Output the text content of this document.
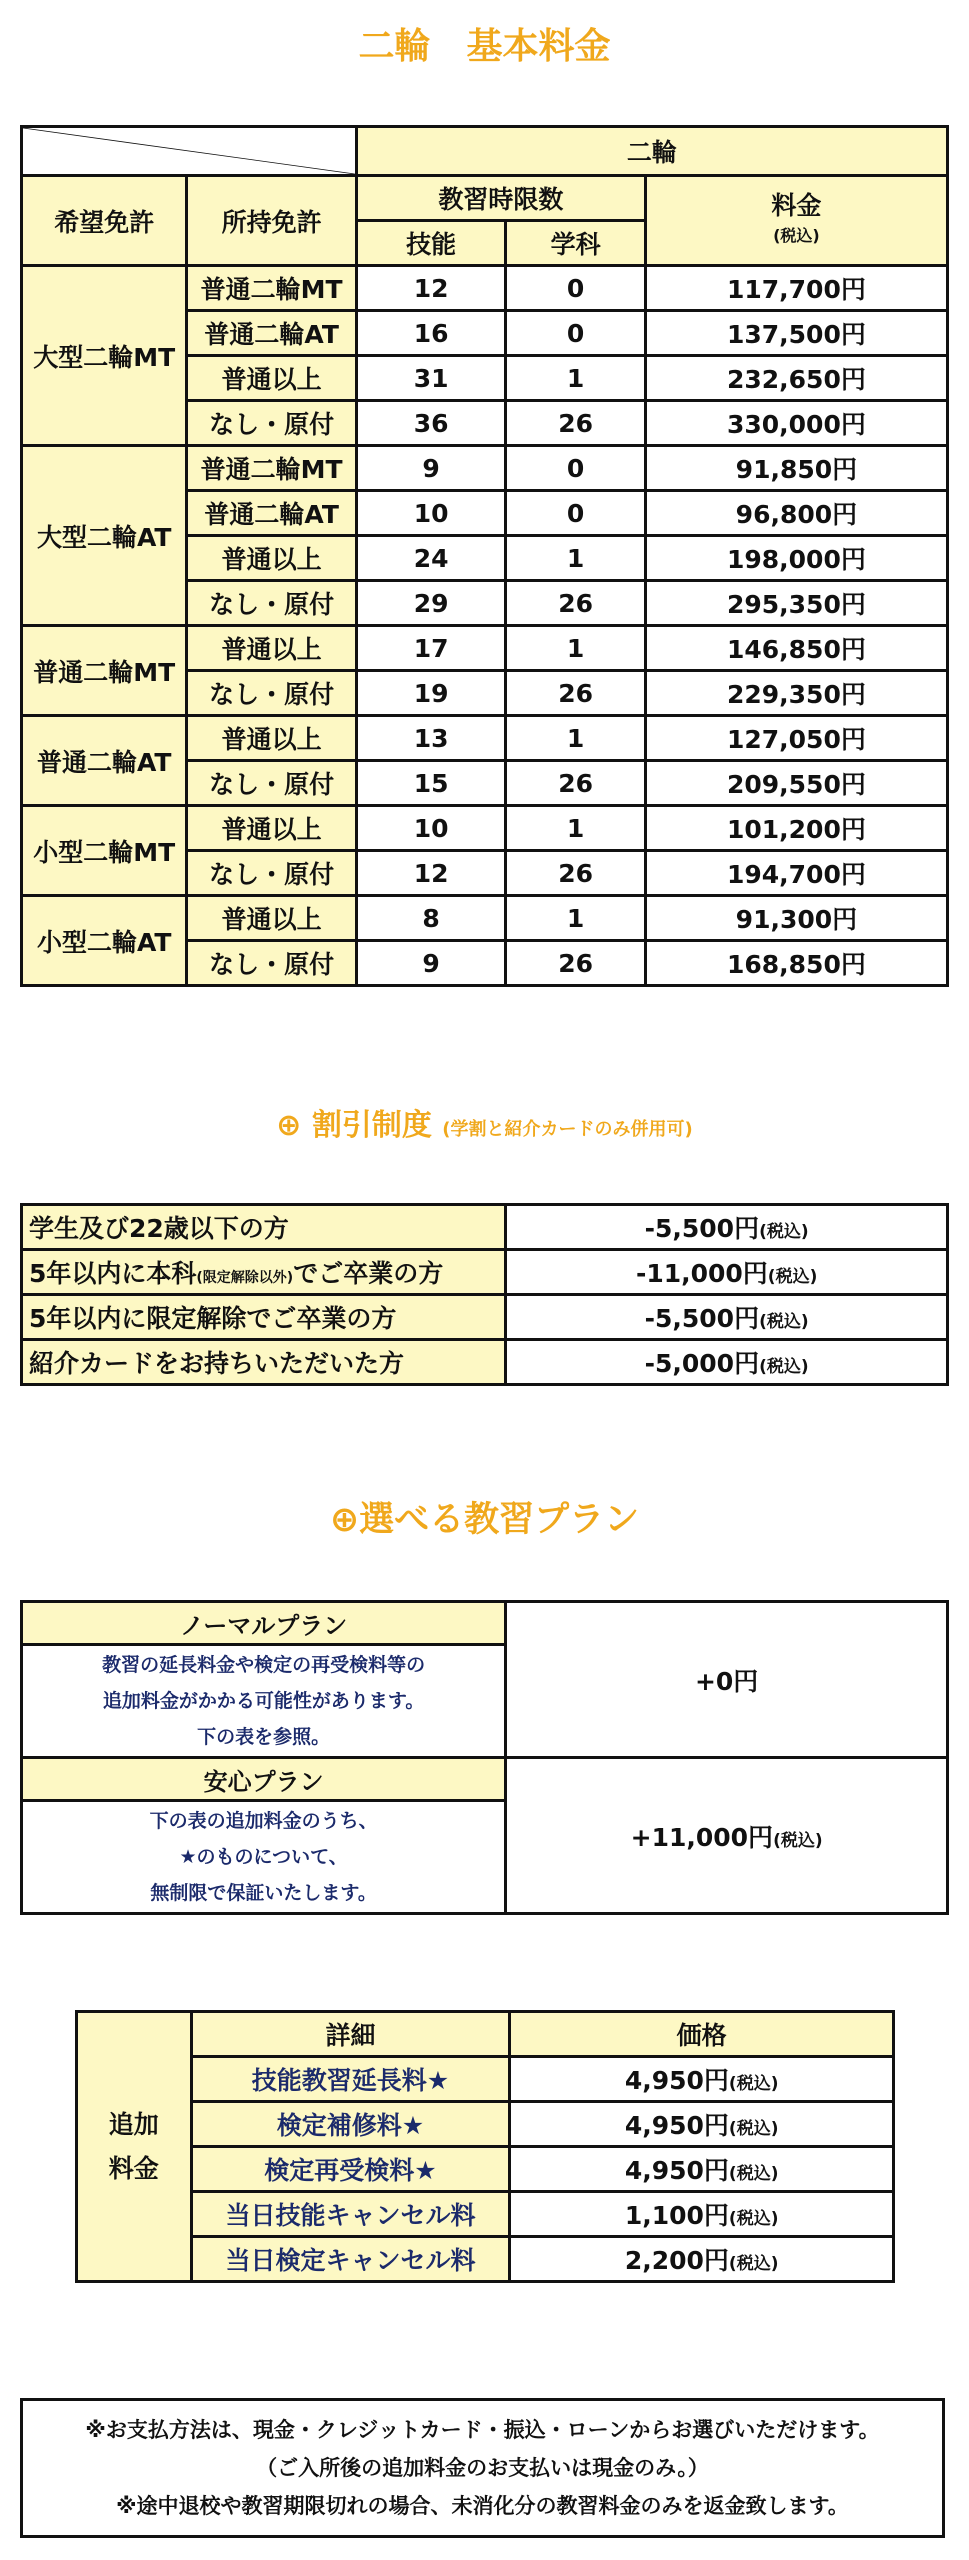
二輪　基本料金
	二輪		
希望免許	所持免許	教習時限数		料金
(税込)

		技能	学科	
大型二輪MT	普通二輪MT	12	0	117,700円
	普通二輪AT	16	0	137,500円
	普通以上	31	1	232,650円
	なし・原付	36	26	330,000円
大型二輪AT	普通二輪MT	9	0	91,850円
	普通二輪AT	10	0	96,800円
	普通以上	24	1	198,000円
	なし・原付	29	26	295,350円
普通二輪MT	普通以上	17	1	146,850円
	なし・原付	19	26	229,350円
普通二輪AT	普通以上	13	1	127,050円
	なし・原付	15	26	209,550円
小型二輪MT	普通以上	10	1	101,200円
	なし・原付	12	26	194,700円
小型二輪AT	普通以上	8	1	91,300円
	なし・原付	9	26	168,850円
⊕ 割引制度 (学割と紹介カードのみ併用可)
学生及び22歳以下の方	-5,500円(税込)
5年以内に本科(限定解除以外)でご卒業の方	-11,000円(税込)
5年以内に限定解除でご卒業の方	-5,500円(税込)
紹介カードをお持ちいただいた方	-5,000円(税込)
⊕選べる教習プラン
ノーマルプラン	+0円

教習の延長料金や検定の再受検料等の
追加料金がかかる可能性があります。
下の表を参照。	

安心プラン	+11,000円(税込)

下の表の追加料金のうち、
★のものについて、
無制限で保証いたします。	
追加
料金	詳細	価格
	技能教習延長料★	4,950円(税込)
	検定補修料★	4,950円(税込)
	検定再受検料★	4,950円(税込)
	当日技能キャンセル料	1,100円(税込)
	当日検定キャンセル料	2,200円(税込)
※お支払方法は、現金・クレジットカード・振込・ローンからお選びいただけます。
（ご入所後の追加料金のお支払いは現金のみ。）
※途中退校や教習期限切れの場合、未消化分の教習料金のみを返金致します。
